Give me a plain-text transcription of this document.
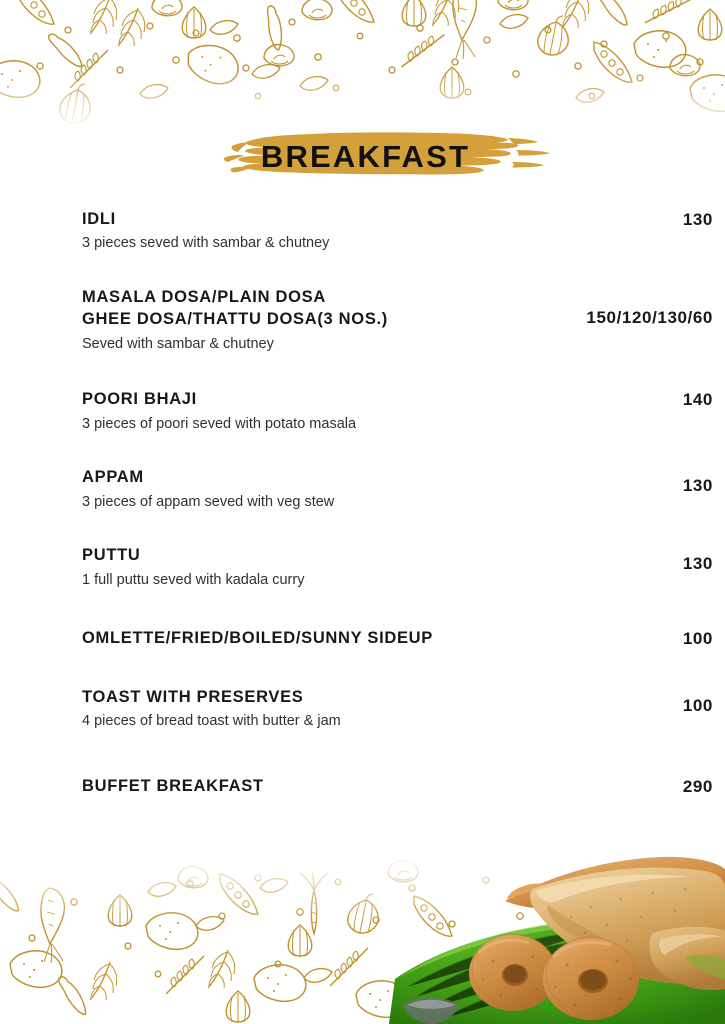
BREAKFAST
IDLI
3 pieces seved with sambar & chutney
130
MASALA DOSA/PLAIN DOSA
GHEE DOSA/THATTU DOSA(3 NOS.)
Seved with sambar & chutney
150/120/130/60
POORI BHAJI
3 pieces of poori seved with potato masala
140
APPAM
3 pieces of appam seved with veg stew
130
PUTTU
1 full puttu seved with kadala curry
130
OMLETTE/FRIED/BOILED/SUNNY SIDEUP	100
TOAST WITH PRESERVES
4 pieces of bread toast with butter & jam
100
BUFFET BREAKFAST	290
